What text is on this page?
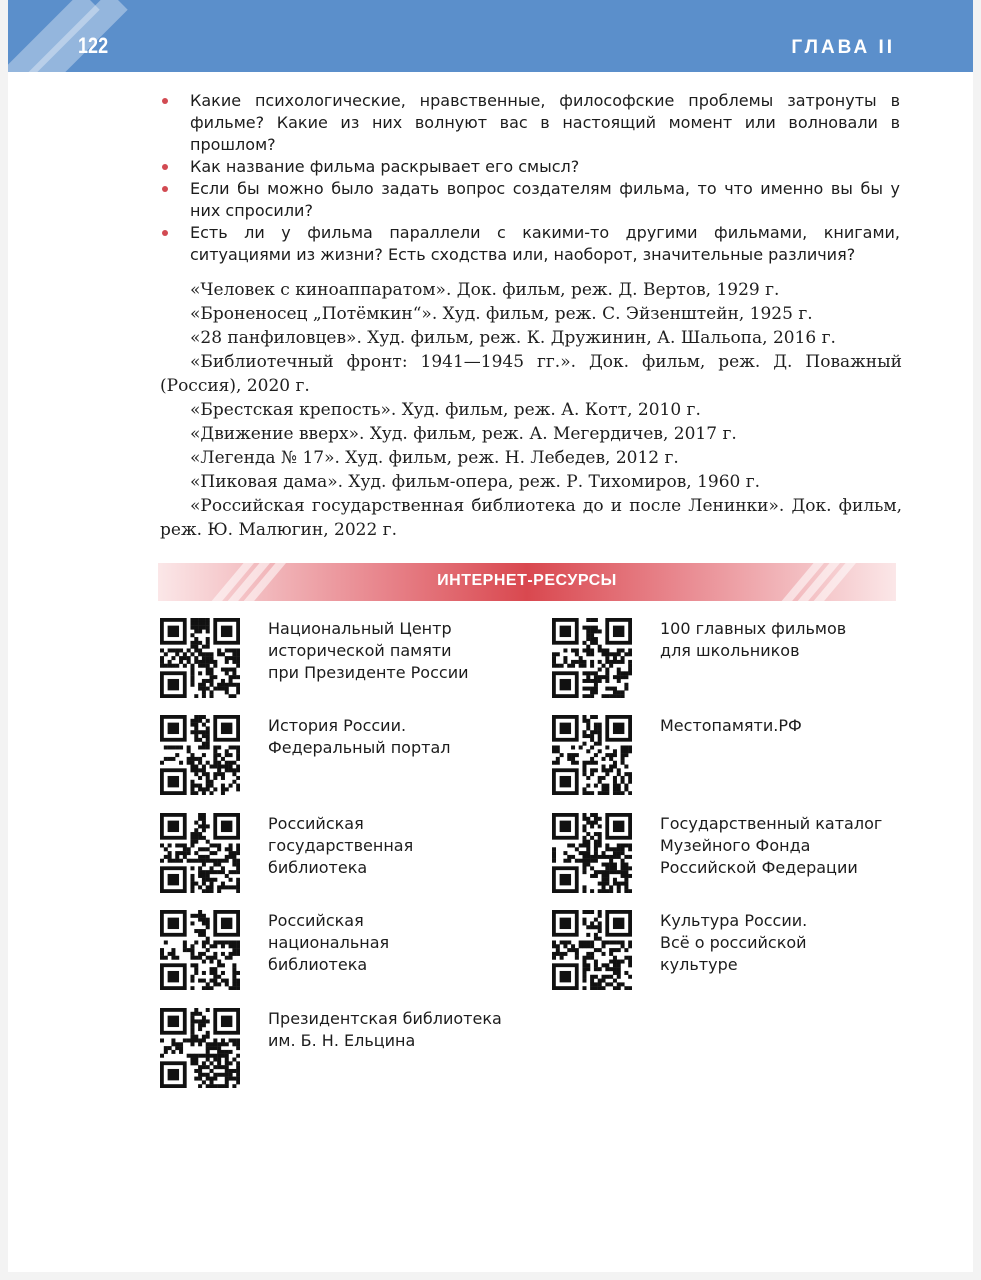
122	ГЛАВА II
Какие психологические, нравственные, философские проблемы затронуты в фильме? Какие из них волнуют вас в настоящий момент или волновали в прошлом?
Как название фильма раскрывает его смысл?
Если бы можно было задать вопрос создателям фильма, то что именно вы бы у них спросили?
Есть ли у фильма параллели с какими-то другими фильмами, книгами, ситуациями из жизни? Есть сходства или, наоборот, значительные различия?

«Человек с киноаппаратом». Док. фильм, реж. Д. Вертов, 1929 г.

«Броненосец „Потёмкин“». Худ. фильм, реж. С. Эйзенштейн, 1925 г.

«28 панфиловцев». Худ. фильм, реж. К. Дружинин, А. Шальопа, 2016 г.

«Библиотечный фронт: 1941—1945 гг.». Док. фильм, реж. Д. Поважный (Россия), 2020 г.

«Брестская крепость». Худ. фильм, реж. А. Котт, 2010 г.

«Движение вверх». Худ. фильм, реж. А. Мегердичев, 2017 г.

«Легенда № 17». Худ. фильм, реж. Н. Лебедев, 2012 г.

«Пиковая дама». Худ. фильм-опера, реж. Р. Тихомиров, 1960 г.

«Российская государственная библиотека до и после Ленинки». Док. фильм, реж. Ю. Малюгин, 2022 г.

ИНТЕРНЕТ-РЕСУРСЫ
Национальный Центр
исторической памяти
при Президенте России
100 главных фильмов
для школьников
История России.
Федеральный портал
Местопамяти.РФ
Российская
государственная
библиотека
Государственный каталог
Музейного Фонда
Российской Федерации
Российская
национальная
библиотека
Культура России.
Всё о российской
культуре
Президентская библиотека
им. Б. Н. Ельцина
